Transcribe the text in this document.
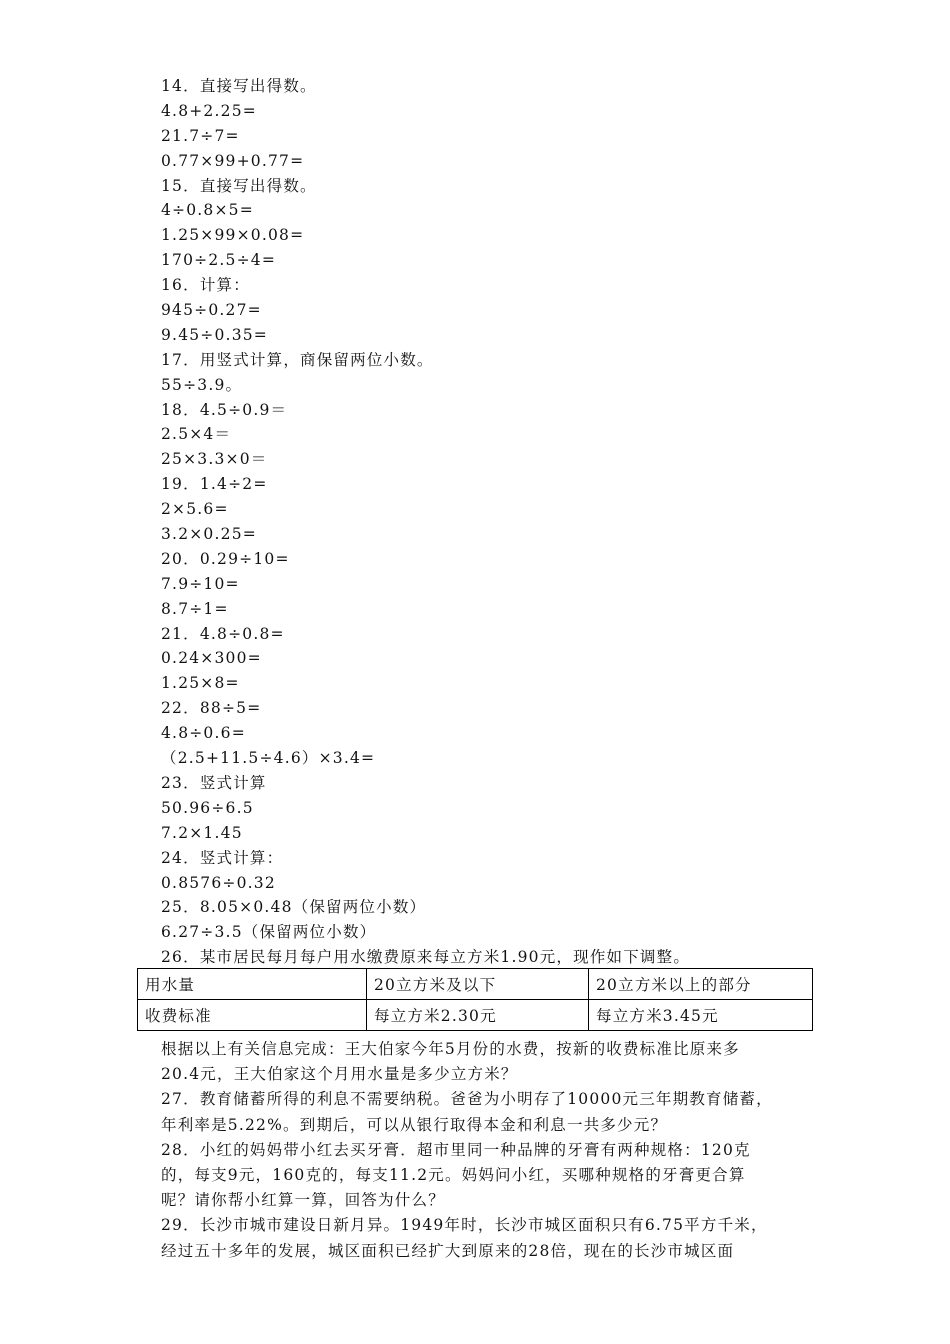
14．直接写出得数。
4.8+2.25=
21.7÷7=
0.77×99+0.77=
15．直接写出得数。
4÷0.8×5=
1.25×99×0.08=
170÷2.5÷4=
16．计算：
945÷0.27=
9.45÷0.35=
17．用竖式计算，商保留两位小数。
55÷3.9。
18．4.5÷0.9＝
2.5×4＝
25×3.3×0＝
19．1.4÷2=
2×5.6=
3.2×0.25=
20．0.29÷10=
7.9÷10=
8.7÷1=
21．4.8÷0.8=
0.24×300=
1.25×8=
22．88÷5=
4.8÷0.6=
（2.5+11.5÷4.6）×3.4=
23．竖式计算
50.96÷6.5
7.2×1.45
24．竖式计算：
0.8576÷0.32
25．8.05×0.48（保留两位小数）
6.27÷3.5（保留两位小数）
26．某市居民每月每户用水缴费原来每立方米1.90元，现作如下调整。
用水量	20立方米及以下	20立方米以上的部分
收费标准	每立方米2.30元	每立方米3.45元

根据以上有关信息完成：王大伯家今年5月份的水费，按新的收费标准比原来多
20.4元，王大伯家这个月用水量是多少立方米？

27．教育储蓄所得的利息不需要纳税。爸爸为小明存了10000元三年期教育储蓄，
年利率是5.22%。到期后，可以从银行取得本金和利息一共多少元？

28．小红的妈妈带小红去买牙膏．超市里同一种品牌的牙膏有两种规格：120克
的，每支9元，160克的，每支11.2元。妈妈问小红，买哪种规格的牙膏更合算
呢？请你帮小红算一算，回答为什么？

29．长沙市城市建设日新月异。1949年时，长沙市城区面积只有6.75平方千米，
经过五十多年的发展，城区面积已经扩大到原来的28倍，现在的长沙市城区面
